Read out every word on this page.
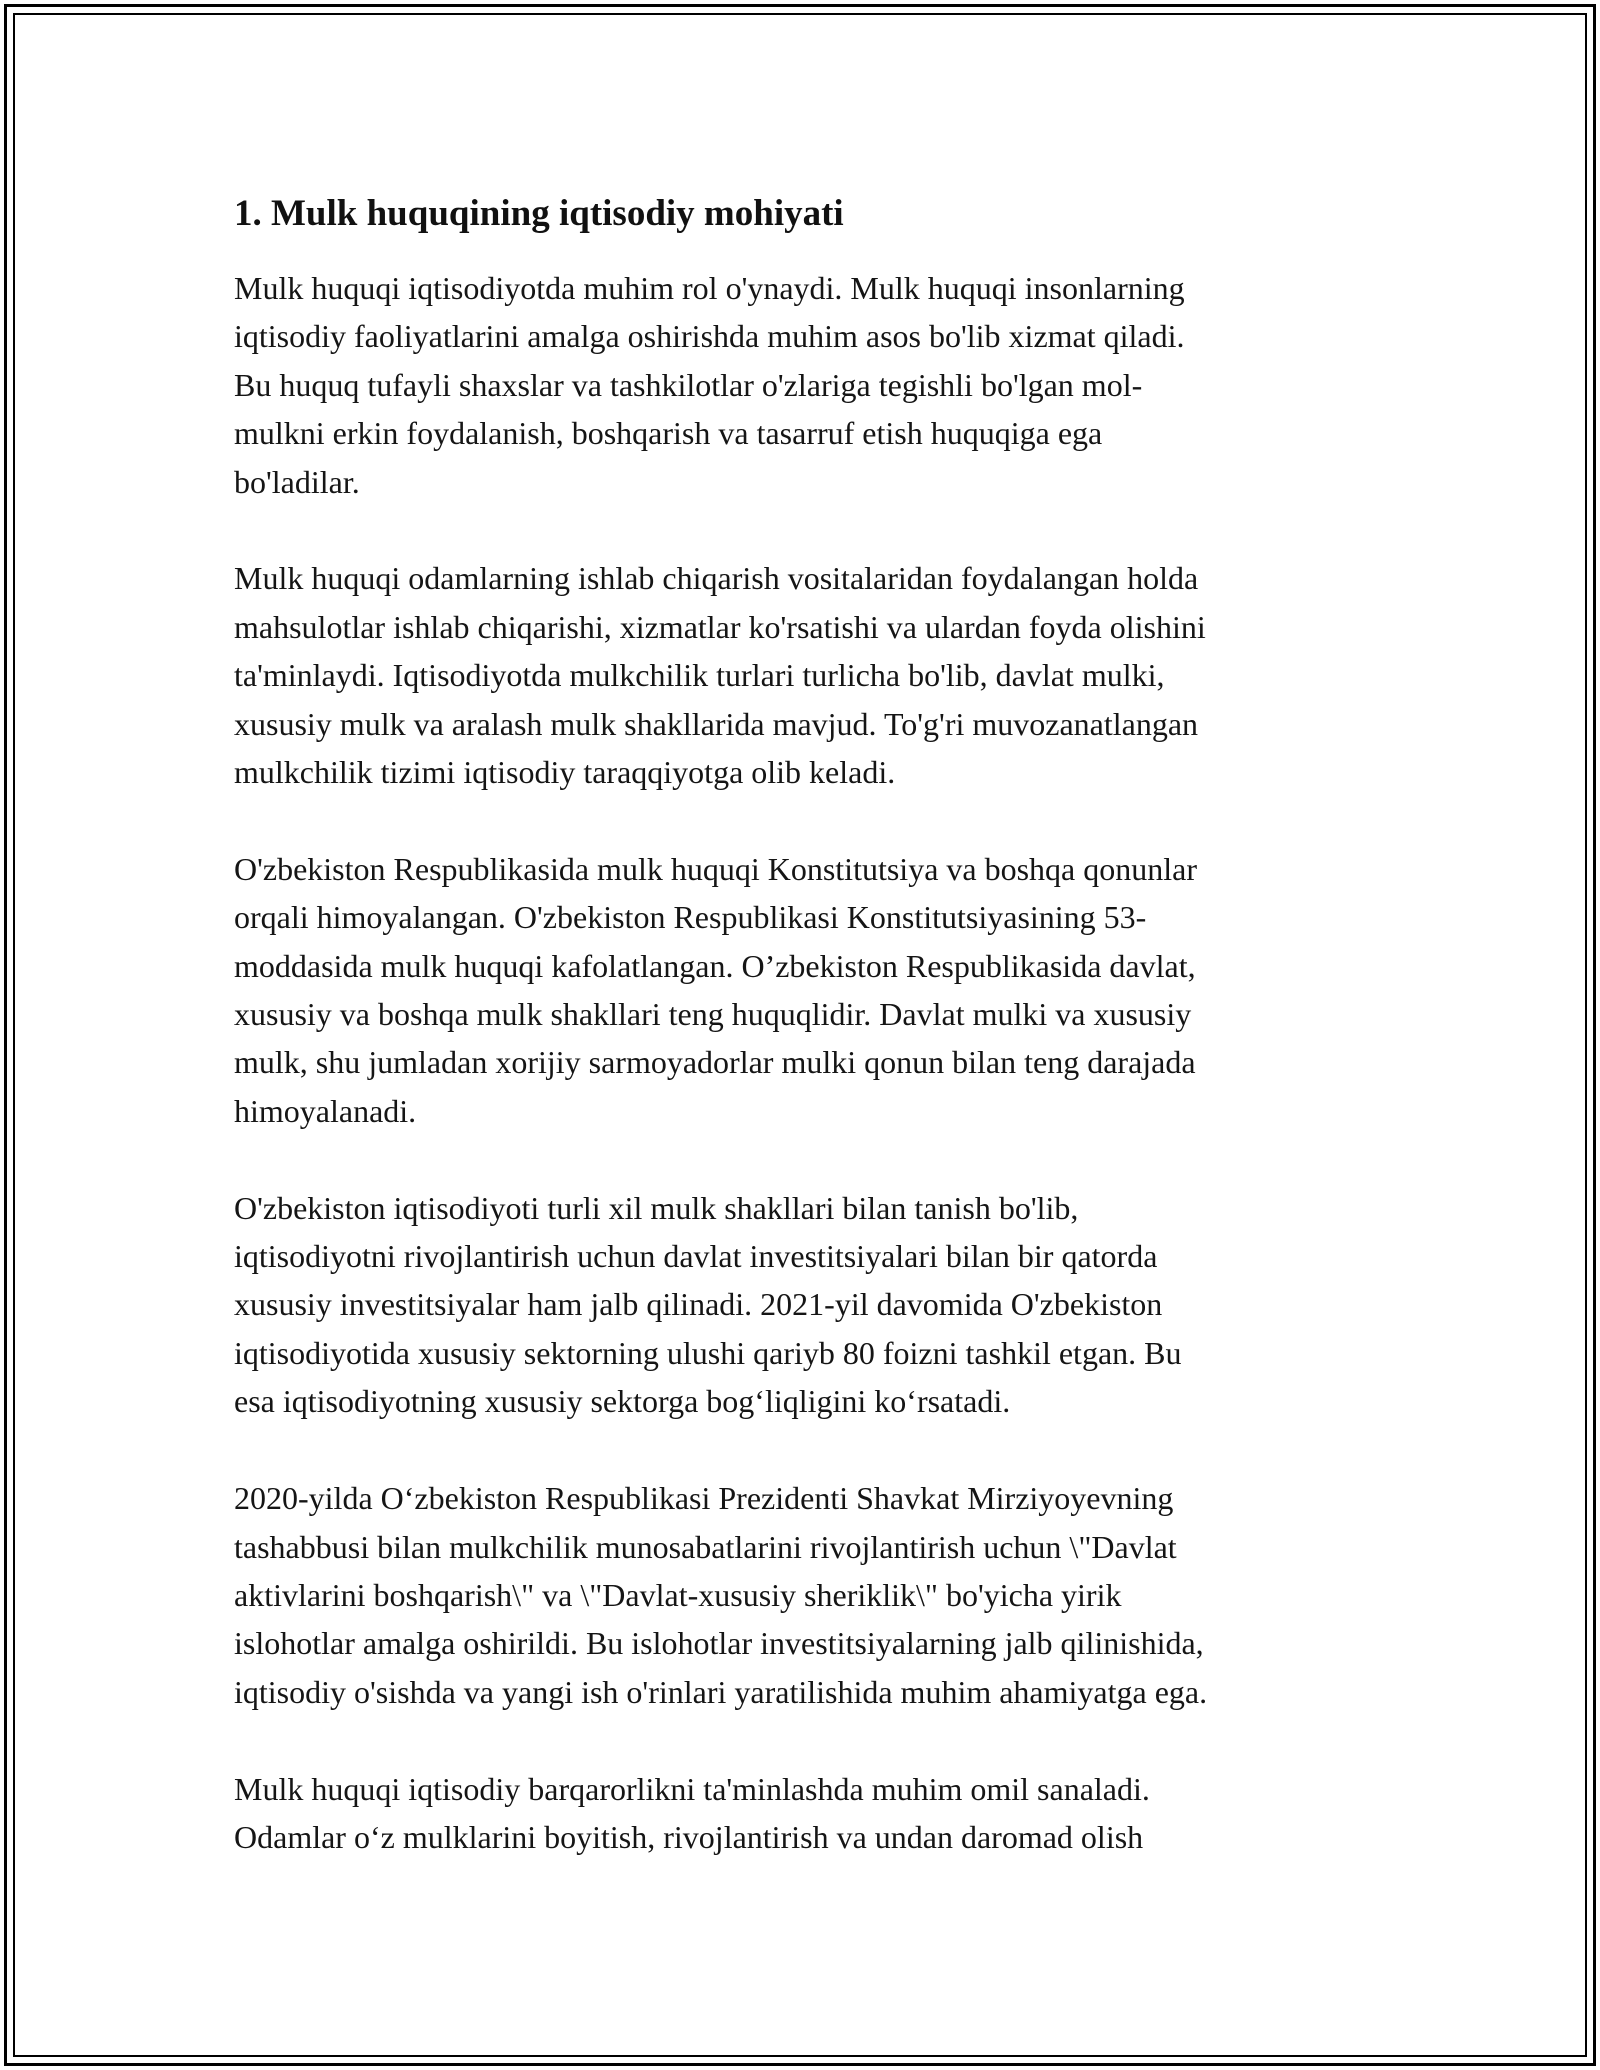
1. Mulk huquqining iqtisodiy mohiyati

Mulk huquqi iqtisodiyotda muhim rol o'ynaydi. Mulk huquqi insonlarning
iqtisodiy faoliyatlarini amalga oshirishda muhim asos bo'lib xizmat qiladi.
Bu huquq tufayli shaxslar va tashkilotlar o'zlariga tegishli bo'lgan mol-
mulkni erkin foydalanish, boshqarish va tasarruf etish huquqiga ega
bo'ladilar.

Mulk huquqi odamlarning ishlab chiqarish vositalaridan foydalangan holda
mahsulotlar ishlab chiqarishi, xizmatlar ko'rsatishi va ulardan foyda olishini
ta'minlaydi. Iqtisodiyotda mulkchilik turlari turlicha bo'lib, davlat mulki,
xususiy mulk va aralash mulk shakllarida mavjud. To'g'ri muvozanatlangan
mulkchilik tizimi iqtisodiy taraqqiyotga olib keladi.

O'zbekiston Respublikasida mulk huquqi Konstitutsiya va boshqa qonunlar
orqali himoyalangan. O'zbekiston Respublikasi Konstitutsiyasining 53-
moddasida mulk huquqi kafolatlangan. O’zbekiston Respublikasida davlat,
xususiy va boshqa mulk shakllari teng huquqlidir. Davlat mulki va xususiy
mulk, shu jumladan xorijiy sarmoyadorlar mulki qonun bilan teng darajada
himoyalanadi.

O'zbekiston iqtisodiyoti turli xil mulk shakllari bilan tanish bo'lib,
iqtisodiyotni rivojlantirish uchun davlat investitsiyalari bilan bir qatorda
xususiy investitsiyalar ham jalb qilinadi. 2021-yil davomida O'zbekiston
iqtisodiyotida xususiy sektorning ulushi qariyb 80 foizni tashkil etgan. Bu
esa iqtisodiyotning xususiy sektorga bog‘liqligini ko‘rsatadi.

2020-yilda O‘zbekiston Respublikasi Prezidenti Shavkat Mirziyoyevning
tashabbusi bilan mulkchilik munosabatlarini rivojlantirish uchun \"Davlat
aktivlarini boshqarish\" va \"Davlat-xususiy sheriklik\" bo'yicha yirik
islohotlar amalga oshirildi. Bu islohotlar investitsiyalarning jalb qilinishida,
iqtisodiy o'sishda va yangi ish o'rinlari yaratilishida muhim ahamiyatga ega.

Mulk huquqi iqtisodiy barqarorlikni ta'minlashda muhim omil sanaladi.
Odamlar o‘z mulklarini boyitish, rivojlantirish va undan daromad olish
